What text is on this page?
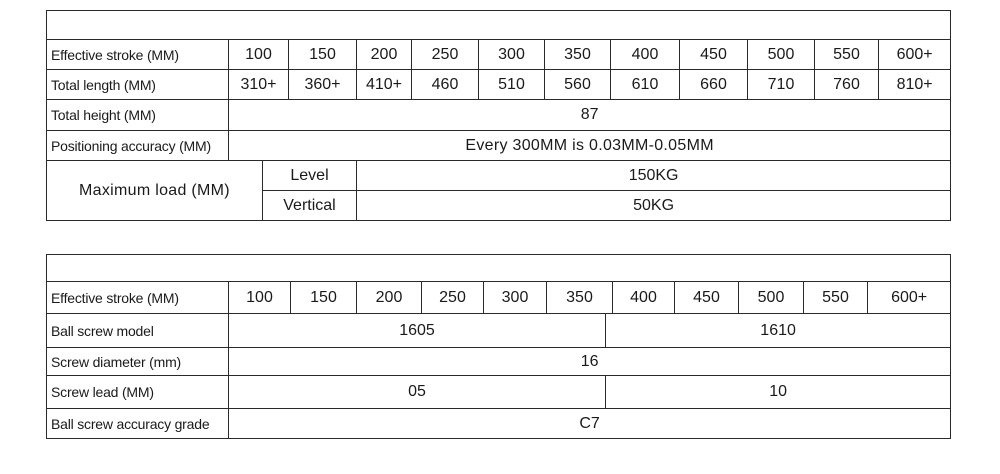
Effective stroke (MM)	100		150	200	250	300	350	400	450	500	550	600+
Total length (MM)	310+		360+	410+	460	510	560	610	660	710	760	810+
Total height (MM)	87											
Positioning accuracy (MM)	Every 300MM is 0.03MM-0.05MM											
Maximum load (MM)		Level		150KG								
		Vertical		50KG								

Effective stroke (MM)	100	150	200	250	300	350		400	450	500	550	600+
Ball screw model	1605						1610					
Screw diameter (mm)	16											
Screw lead (MM)	05						10					
Ball screw accuracy grade	C7											
